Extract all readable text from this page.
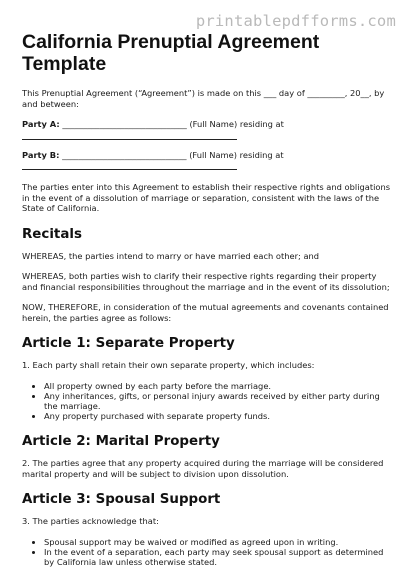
printablepdfforms.com
California Prenuptial Agreement
Template

This Prenuptial Agreement (“Agreement”) is made on this ___ day of _________, 20__, by and between:

Party A: ______________________________ (Full Name) residing at

Party B: ______________________________ (Full Name) residing at

The parties enter into this Agreement to establish their respective rights and obligations in the event of a dissolution of marriage or separation, consistent with the laws of the State of California.

Recitals

WHEREAS, the parties intend to marry or have married each other; and

WHEREAS, both parties wish to clarify their respective rights regarding their property and financial responsibilities throughout the marriage and in the event of its dissolution;

NOW, THEREFORE, in consideration of the mutual agreements and covenants contained herein, the parties agree as follows:

Article 1: Separate Property

1. Each party shall retain their own separate property, which includes:

• All property owned by each party before the marriage.
• Any inheritances, gifts, or personal injury awards received by either party during the marriage.
• Any property purchased with separate property funds.
Article 2: Marital Property

2. The parties agree that any property acquired during the marriage will be considered marital property and will be subject to division upon dissolution.

Article 3: Spousal Support

3. The parties acknowledge that:

• Spousal support may be waived or modified as agreed upon in writing.
• In the event of a separation, each party may seek spousal support as determined by California law unless otherwise stated.
